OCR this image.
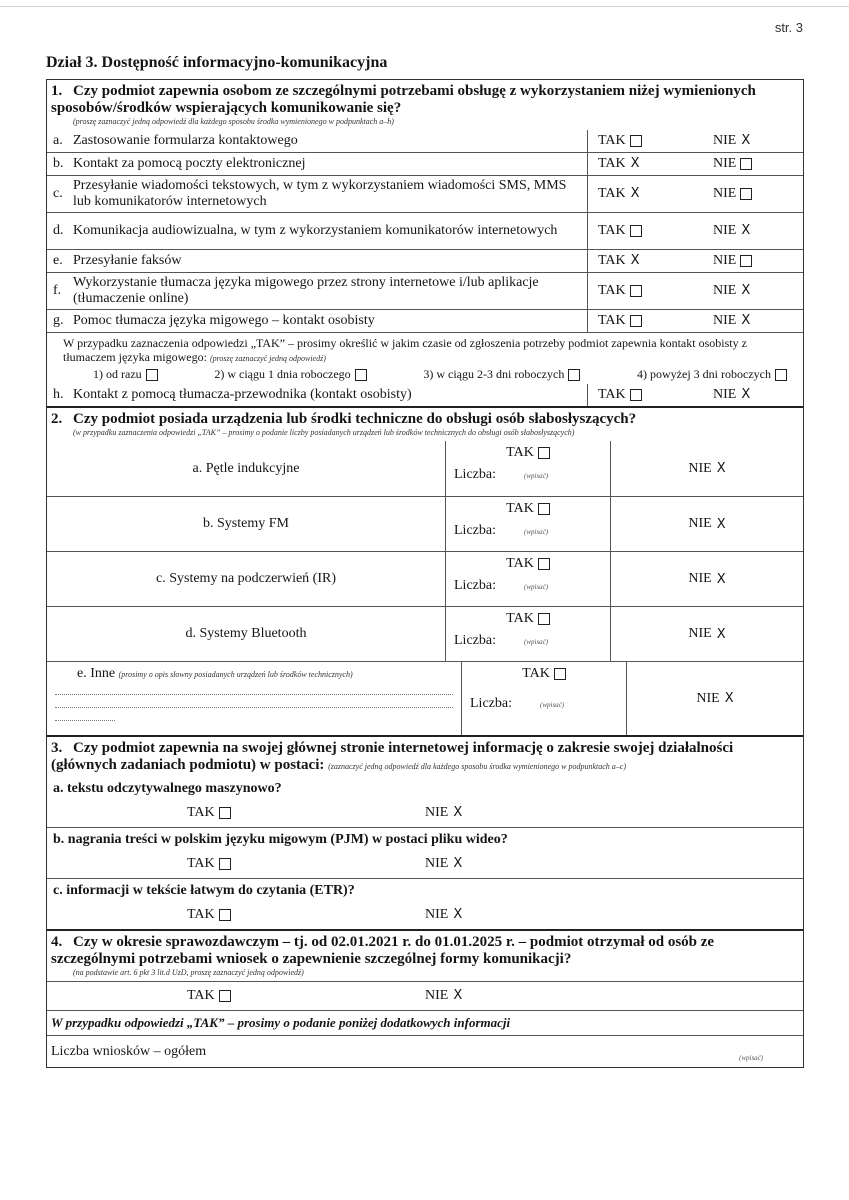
str. 3
Dział 3. Dostępność informacyjno-komunikacyjna
1. Czy podmiot zapewnia osobom ze szczególnymi potrzebami obsługę z wykorzystaniem niżej wymienionych sposobów/środków wspierających komunikowanie się?
(proszę zaznaczyć jedną odpowiedź dla każdego sposobu środka wymienionego w podpunktach a–h)
a. Zastosowanie formularza kontaktowego	TAK	NIE X
b. Kontakt za pomocą poczty elektronicznej	TAK X	NIE
c.
Przesyłanie wiadomości tekstowych, w tym z wykorzystaniem wiadomości SMS, MMS lub komunikatorów internetowych
TAK X	NIE
d. Komunikacja audiowizualna, w tym z wykorzystaniem komunikatorów internetowych	TAK	NIE X
e. Przesyłanie faksów	TAK X	NIE
f.
Wykorzystanie tłumacza języka migowego przez strony internetowe i/lub aplikacje (tłumaczenie online)
TAK	NIE X
g. Pomoc tłumacza języka migowego – kontakt osobisty	TAK	NIE X
W przypadku zaznaczenia odpowiedzi „TAK” – prosimy określić w jakim czasie od zgłoszenia potrzeby podmiot zapewnia kontakt osobisty z tłumaczem języka migowego: (proszę zaznaczyć jedną odpowiedź)
1) od razu	2) w ciągu 1 dnia roboczego	3) w ciągu 2-3 dni roboczych	4) powyżej 3 dni roboczych
h. Kontakt z pomocą tłumacza-przewodnika (kontakt osobisty)	TAK	NIE X
2. Czy podmiot posiada urządzenia lub środki techniczne do obsługi osób słabosłyszących?
(w przypadku zaznaczenia odpowiedzi „TAK” – prosimy o podanie liczby posiadanych urządzeń lub środków technicznych do obsługi osób słabosłyszących)
a. Pętle indukcyjne
TAK
Liczba:	(wpisać)
NIE X
b. Systemy FM
TAK
Liczba:	(wpisać)
NIE X
c. Systemy na podczerwień (IR)
TAK
Liczba:	(wpisać)
NIE X
d. Systemy Bluetooth
TAK
Liczba:	(wpisać)
NIE X
e. Inne (prosimy o opis słowny posiadanych urządzeń lub środków technicznych)	TAK
Liczba:	(wpisać)	NIE X
3. Czy podmiot zapewnia na swojej głównej stronie internetowej informację o zakresie swojej działalności (głównych zadaniach podmiotu) w postaci: (zaznaczyć jedną odpowiedź dla każdego sposobu środka wymienionego w podpunktach a–c)
a. tekstu odczytywalnego maszynowo?
TAK	NIE X
b. nagrania treści w polskim języku migowym (PJM) w postaci pliku wideo?
TAK	NIE X
c. informacji w tekście łatwym do czytania (ETR)?
TAK	NIE X
4. Czy w okresie sprawozdawczym – tj. od 02.01.2021 r. do 01.01.2025 r. – podmiot otrzymał od osób ze szczególnymi potrzebami wniosek o zapewnienie szczególnej formy komunikacji?
(na podstawie art. 6 pkt 3 lit.d UzD, proszę zaznaczyć jedną odpowiedź)
TAK	NIE X
W przypadku odpowiedzi „TAK” – prosimy o podanie poniżej dodatkowych informacji
Liczba wniosków – ogółem	(wpisać)
